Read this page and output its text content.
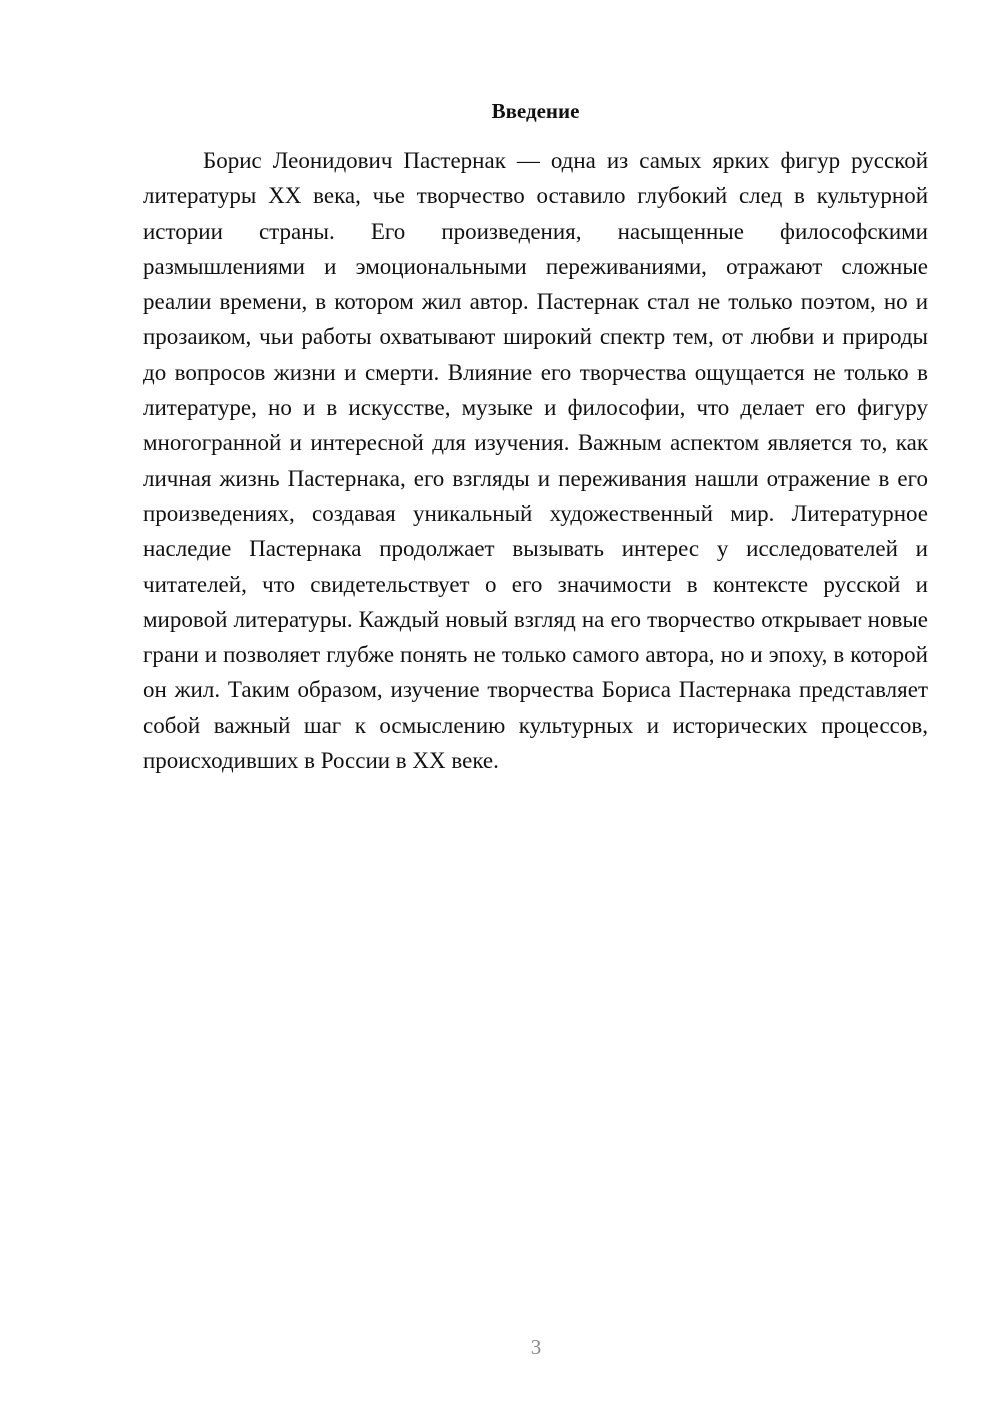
Введение

Борис Леонидович Пастернак — одна из самых ярких фигур русской литературы XX века, чье творчество оставило глубокий след в культурной истории страны. Его произведения, насыщенные философскими размышлениями и эмоциональными переживаниями, отражают сложные реалии времени, в котором жил автор. Пастернак стал не только поэтом, но и прозаиком, чьи работы охватывают широкий спектр тем, от любви и природы до вопросов жизни и смерти. Влияние его творчества ощущается не только в литературе, но и в искусстве, музыке и философии, что делает его фигуру многогранной и интересной для изучения. Важным аспектом является то, как личная жизнь Пастернака, его взгляды и переживания нашли отражение в его произведениях, создавая уникальный художественный мир. Литературное наследие Пастернака продолжает вызывать интерес у исследователей и читателей, что свидетельствует о его значимости в контексте русской и мировой литературы. Каждый новый взгляд на его творчество открывает новые грани и позволяет глубже понять не только самого автора, но и эпоху, в которой он жил. Таким образом, изучение творчества Бориса Пастернака представляет собой важный шаг к осмыслению культурных и исторических процессов, происходивших в России в XX веке.

3
